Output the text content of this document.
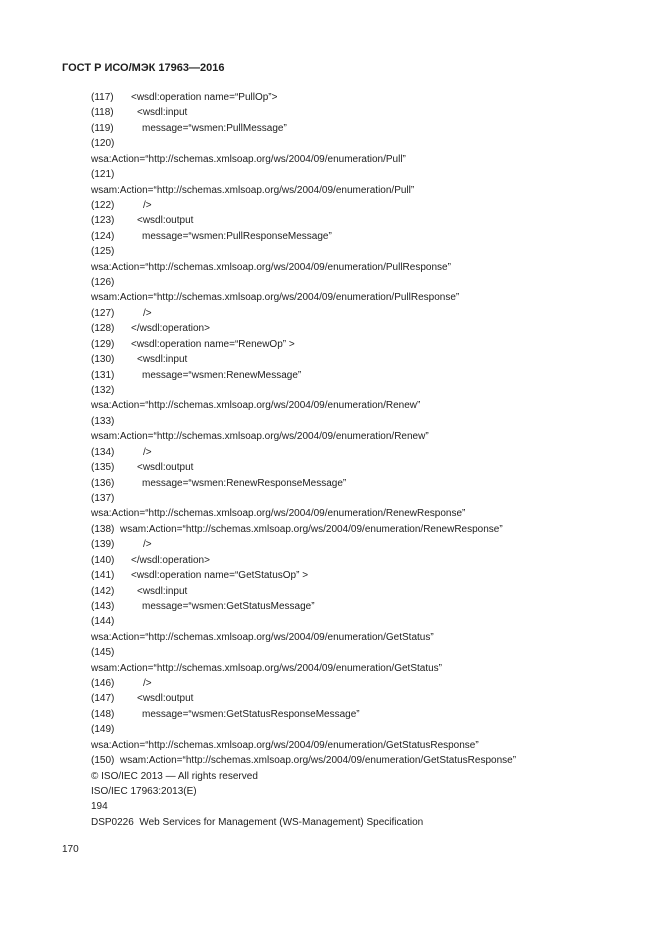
ГОСТ Р ИСО/МЭК 17963—2016

(117)

<wsdl:operation name=“PullOp”>

(118)

<wsdl:input

(119)

	message=“wsmen:PullMessage”

(120)

wsa:Action=“http://schemas.xmlsoap.org/ws/2004/09/enumeration/Pull”

(121)

wsam:Action=“http://schemas.xmlsoap.org/ws/2004/09/enumeration/Pull”

(122)

	/>

(123)

<wsdl:output

(124)

	message=“wsmen:PullResponseMessage”

(125)

wsa:Action=“http://schemas.xmlsoap.org/ws/2004/09/enumeration/PullResponse”

(126)

wsam:Action=“http://schemas.xmlsoap.org/ws/2004/09/enumeration/PullResponse”

(127)

	/>

(128)

</wsdl:operation>

(129)

<wsdl:operation name=“RenewOp” >

(130)

<wsdl:input

(131)

	message=“wsmen:RenewMessage”

(132)

wsa:Action=“http://schemas.xmlsoap.org/ws/2004/09/enumeration/Renew”

(133)

wsam:Action=“http://schemas.xmlsoap.org/ws/2004/09/enumeration/Renew”

(134)

	/>

(135)

<wsdl:output

(136)

	message=“wsmen:RenewResponseMessage”

(137)

wsa:Action=“http://schemas.xmlsoap.org/ws/2004/09/enumeration/RenewResponse”

(138)

wsam:Action=“http://schemas.xmlsoap.org/ws/2004/09/enumeration/RenewResponse”

(139)

	/>

(140)

</wsdl:operation>

(141)

<wsdl:operation name=“GetStatusOp” >

(142)

<wsdl:input

(143)

	message=“wsmen:GetStatusMessage”

(144)

wsa:Action=“http://schemas.xmlsoap.org/ws/2004/09/enumeration/GetStatus”

(145)

wsam:Action=“http://schemas.xmlsoap.org/ws/2004/09/enumeration/GetStatus”

(146)

	/>

(147)

<wsdl:output

(148)

	message=“wsmen:GetStatusResponseMessage”

(149)

wsa:Action=“http://schemas.xmlsoap.org/ws/2004/09/enumeration/GetStatusResponse”

(150)

wsam:Action=“http://schemas.xmlsoap.org/ws/2004/09/enumeration/GetStatusResponse”

© ISO/IEC 2013 — All rights reserved

ISO/IEC 17963:2013(E)

194

DSP0226  Web Services for Management (WS-Management) Specification

170
